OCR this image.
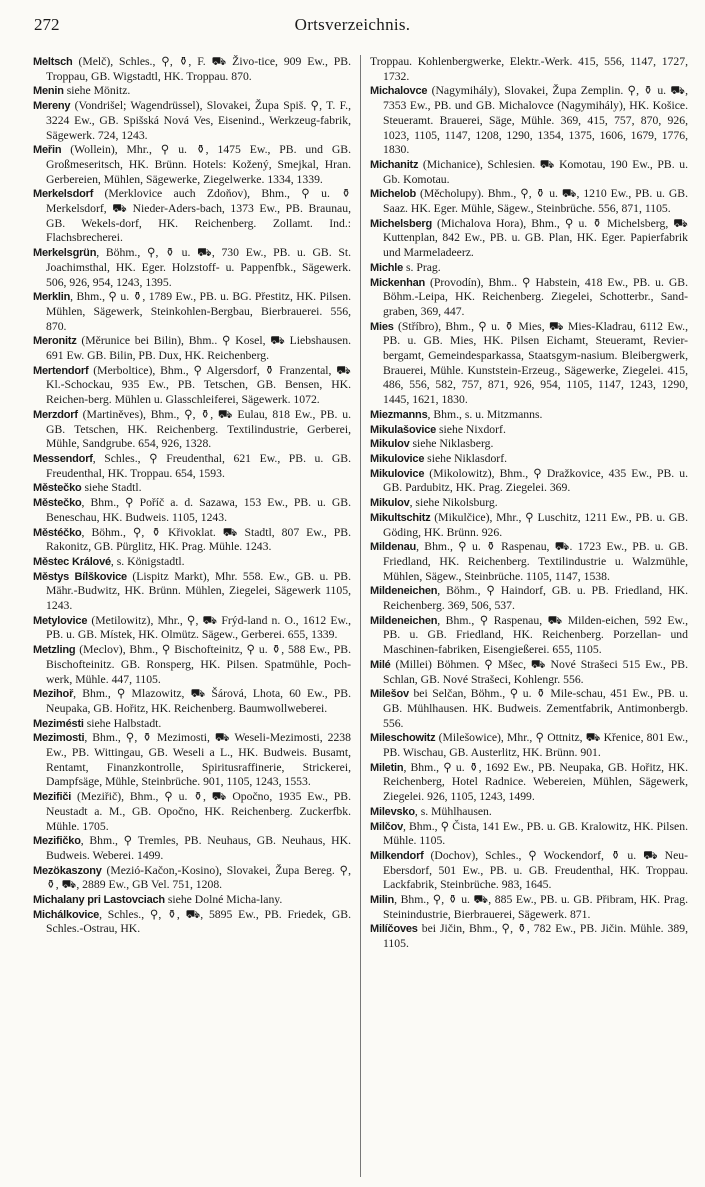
272	Ortsverzeichnis.

Meltsch (Melč), Schles., ⚲, ⚱, F. ⛟ Živo-tice, 909 Ew., PB. Troppau, GB. Wigstadtl, HK. Troppau. 870.

Menin siehe Mönitz.

Mereny (Vondrišel; Wagendrüssel), Slovakei, Župa Spiš. ⚲, T. F., 3224 Ew., GB. Spišská Nová Ves, Eisenind., Werkzeug-fabrik, Sägewerk. 724, 1243.

Meřin (Wollein), Mhr., ⚲ u. ⚱, 1475 Ew., PB. und GB. Großmeseritsch, HK. Brünn. Hotels: Kožený, Smejkal, Hran. Gerbereien, Mühlen, Sägewerke, Ziegelwerke. 1334, 1339.

Merkelsdorf (Merklovice auch Zdoňov), Bhm., ⚲ u. ⚱ Merkelsdorf, ⛟ Nieder-Aders-bach, 1373 Ew., PB. Braunau, GB. Wekels-dorf, HK. Reichenberg. Zollamt. Ind.: Flachsbrecherei.

Merkelsgrün, Böhm., ⚲, ⚱ u. ⛟, 730 Ew., PB. u. GB. St. Joachimsthal, HK. Eger. Holzstoff- u. Pappenfbk., Sägewerk. 506, 926, 954, 1243, 1395.

Merklin, Bhm., ⚲ u. ⚱, 1789 Ew., PB. u. BG. Přestitz, HK. Pilsen. Mühlen, Sägewerk, Steinkohlen-Bergbau, Bierbrauerei. 556, 870.

Meronitz (Měrunice bei Bilin), Bhm.. ⚲ Kosel, ⛟ Liebshausen. 691 Ew. GB. Bilin, PB. Dux, HK. Reichenberg.

Mertendorf (Merboltice), Bhm., ⚲ Algersdorf, ⚱ Franzental, ⛟ Kl.-Schockau, 935 Ew., PB. Tetschen, GB. Bensen, HK. Reichen-berg. Mühlen u. Glasschleiferei, Sägewerk. 1072.

Merzdorf (Martiněves), Bhm., ⚲, ⚱, ⛟ Eulau, 818 Ew., PB. u. GB. Tetschen, HK. Reichenberg. Textilindustrie, Gerberei, Mühle, Sandgrube. 654, 926, 1328.

Messendorf, Schles., ⚲ Freudenthal, 621 Ew., PB. u. GB. Freudenthal, HK. Troppau. 654, 1593.

Městečko siehe Stadtl.

Městečko, Bhm., ⚲ Poříč a. d. Sazawa, 153 Ew., PB. u. GB. Beneschau, HK. Budweis. 1105, 1243.

Městéčko, Böhm., ⚲, ⚱ Křivoklat. ⛟ Stadtl, 807 Ew., PB. Rakonitz, GB. Pürglitz, HK. Prag. Mühle. 1243.

Městec Králové, s. Königstadtl.

Městys Bílškovice (Lispitz Markt), Mhr. 558. Ew., GB. u. PB. Mähr.-Budwitz, HK. Brünn. Mühlen, Ziegelei, Sägewerk 1105, 1243.

Metylovice (Metilowitz), Mhr., ⚲, ⛟ Frýd-land n. O., 1612 Ew., PB. u. GB. Místek, HK. Olmütz. Sägew., Gerberei. 655, 1339.

Metzling (Meclov), Bhm., ⚲ Bischofteinitz, ⚲ u. ⚱, 588 Ew., PB. Bischofteinitz. GB. Ronsperg, HK. Pilsen. Spatmühle, Poch-werk, Mühle. 447, 1105.

Mezihoř, Bhm., ⚲ Mlazowitz, ⛟ Šárová, Lhota, 60 Ew., PB. Neupaka, GB. Hořitz, HK. Reichenberg. Baumwollweberei.

Mezimésti siehe Halbstadt.

Mezimosti, Bhm., ⚲, ⚱ Mezimosti, ⛟ Weseli-Mezimosti, 2238 Ew., PB. Wittingau, GB. Weseli a L., HK. Budweis. Busamt, Rentamt, Finanzkontrolle, Spiritusraffinerie, Strickerei, Dampfsäge, Mühle, Steinbrüche. 901, 1105, 1243, 1553.

Mezifiči (Meziřič), Bhm., ⚲ u. ⚱, ⛟ Opočno, 1935 Ew., PB. Neustadt a. M., GB. Opočno, HK. Reichenberg. Zuckerfbk. Mühle. 1705.

Mezifičko, Bhm., ⚲ Tremles, PB. Neuhaus, GB. Neuhaus, HK. Budweis. Weberei. 1499.

Mezökaszony (Mezió-Kačon,-Kosino), Slovakei, Župa Bereg. ⚲, ⚱, ⛟, 2889 Ew., GB Vel. 751, 1208.

Michalany pri Lastovciach siehe Dolné Micha-lany.

Michálkovice, Schles., ⚲, ⚱, ⛟, 5895 Ew., PB. Friedek, GB. Schles.-Ostrau, HK.

Troppau. Kohlenbergwerke, Elektr.-Werk. 415, 556, 1147, 1727, 1732.

Michalovce (Nagymihály), Slovakei, Župa Zemplin. ⚲, ⚱ u. ⛟, 7353 Ew., PB. und GB. Michalovce (Nagymihály), HK. Košice. Steueramt. Brauerei, Säge, Mühle. 369, 415, 757, 870, 926, 1023, 1105, 1147, 1208, 1290, 1354, 1375, 1606, 1679, 1776, 1830.

Michanitz (Michanice), Schlesien. ⛟ Komotau, 190 Ew., PB. u. Gb. Komotau.

Michelob (Měcholupy). Bhm., ⚲, ⚱ u. ⛟, 1210 Ew., PB. u. GB. Saaz. HK. Eger. Mühle, Sägew., Steinbrüche. 556, 871, 1105.

Michelsberg (Michalova Hora), Bhm., ⚲ u. ⚱ Michelsberg, ⛟ Kuttenplan, 842 Ew., PB. u. GB. Plan, HK. Eger. Papierfabrik und Marmeladeerz.

Michle s. Prag.

Mickenhan (Provodín), Bhm.. ⚲ Habstein, 418 Ew., PB. u. GB. Böhm.-Leipa, HK. Reichenberg. Ziegelei, Schotterbr., Sand-graben, 369, 447.

Mies (Stříbro), Bhm., ⚲ u. ⚱ Mies, ⛟ Mies-Kladrau, 6112 Ew., PB. u. GB. Mies, HK. Pilsen Eichamt, Steueramt, Revier-bergamt, Gemeindesparkassa, Staatsgym-nasium. Bleibergwerk, Brauerei, Mühle. Kunststein-Erzeug., Sägewerke, Ziegelei. 415, 486, 556, 582, 757, 871, 926, 954, 1105, 1147, 1243, 1290, 1445, 1621, 1830.

Miezmanns, Bhm., s. u. Mitzmanns.

Mikulašovice siehe Nixdorf.

Mikulov siehe Niklasberg.

Mikulovice siehe Niklasdorf.

Mikulovice (Mikolowitz), Bhm., ⚲ Dražkovice, 435 Ew., PB. u. GB. Pardubitz, HK. Prag. Ziegelei. 369.

Mikulov, siehe Nikolsburg.

Mikultschitz (Mikulčice), Mhr., ⚲ Luschitz, 1211 Ew., PB. u. GB. Göding, HK. Brünn. 926.

Mildenau, Bhm., ⚲ u. ⚱ Raspenau, ⛟. 1723 Ew., PB. u. GB. Friedland, HK. Reichenberg. Textilindustrie u. Walzmühle, Mühlen, Sägew., Steinbrüche. 1105, 1147, 1538.

Mildeneichen, Böhm., ⚲ Haindorf, GB. u. PB. Friedland, HK. Reichenberg. 369, 506, 537.

Mildeneichen, Bhm., ⚲ Raspenau, ⛟ Milden-eichen, 592 Ew., PB. u. GB. Friedland, HK. Reichenberg. Porzellan- und Maschinen-fabriken, Eisengießerei. 655, 1105.

Milé (Millei) Böhmen. ⚲ Mšec, ⛟ Nové Strašeci 515 Ew., PB. Schlan, GB. Nové Strašeci, Kohlengr. 556.

Milešov bei Selčan, Böhm., ⚲ u. ⚱ Mile-schau, 451 Ew., PB. u. GB. Mühlhausen. HK. Budweis. Zementfabrik, Antimonbergb. 556.

Mileschowitz (Milešowice), Mhr., ⚲ Ottnitz, ⛟ Křenice, 801 Ew., PB. Wischau, GB. Austerlitz, HK. Brünn. 901.

Miletin, Bhm., ⚲ u. ⚱, 1692 Ew., PB. Neupaka, GB. Hořitz, HK. Reichenberg, Hotel Radnice. Webereien, Mühlen, Sägewerk, Ziegelei. 926, 1105, 1243, 1499.

Milevsko, s. Mühlhausen.

Milčov, Bhm., ⚲ Čista, 141 Ew., PB. u. GB. Kralowitz, HK. Pilsen. Mühle. 1105.

Milkendorf (Dochov), Schles., ⚲ Wockendorf, ⚱ u. ⛟ Neu-Ebersdorf, 501 Ew., PB. u. GB. Freudenthal, HK. Troppau. Lackfabrik, Steinbrüche. 983, 1645.

Milin, Bhm., ⚲, ⚱ u. ⛟, 885 Ew., PB. u. GB. Přibram, HK. Prag. Steinindustrie, Bierbrauerei, Sägewerk. 871.

Milíčoves bei Jičin, Bhm., ⚲, ⚱, 782 Ew., PB. Jičin. Mühle. 389, 1105.
